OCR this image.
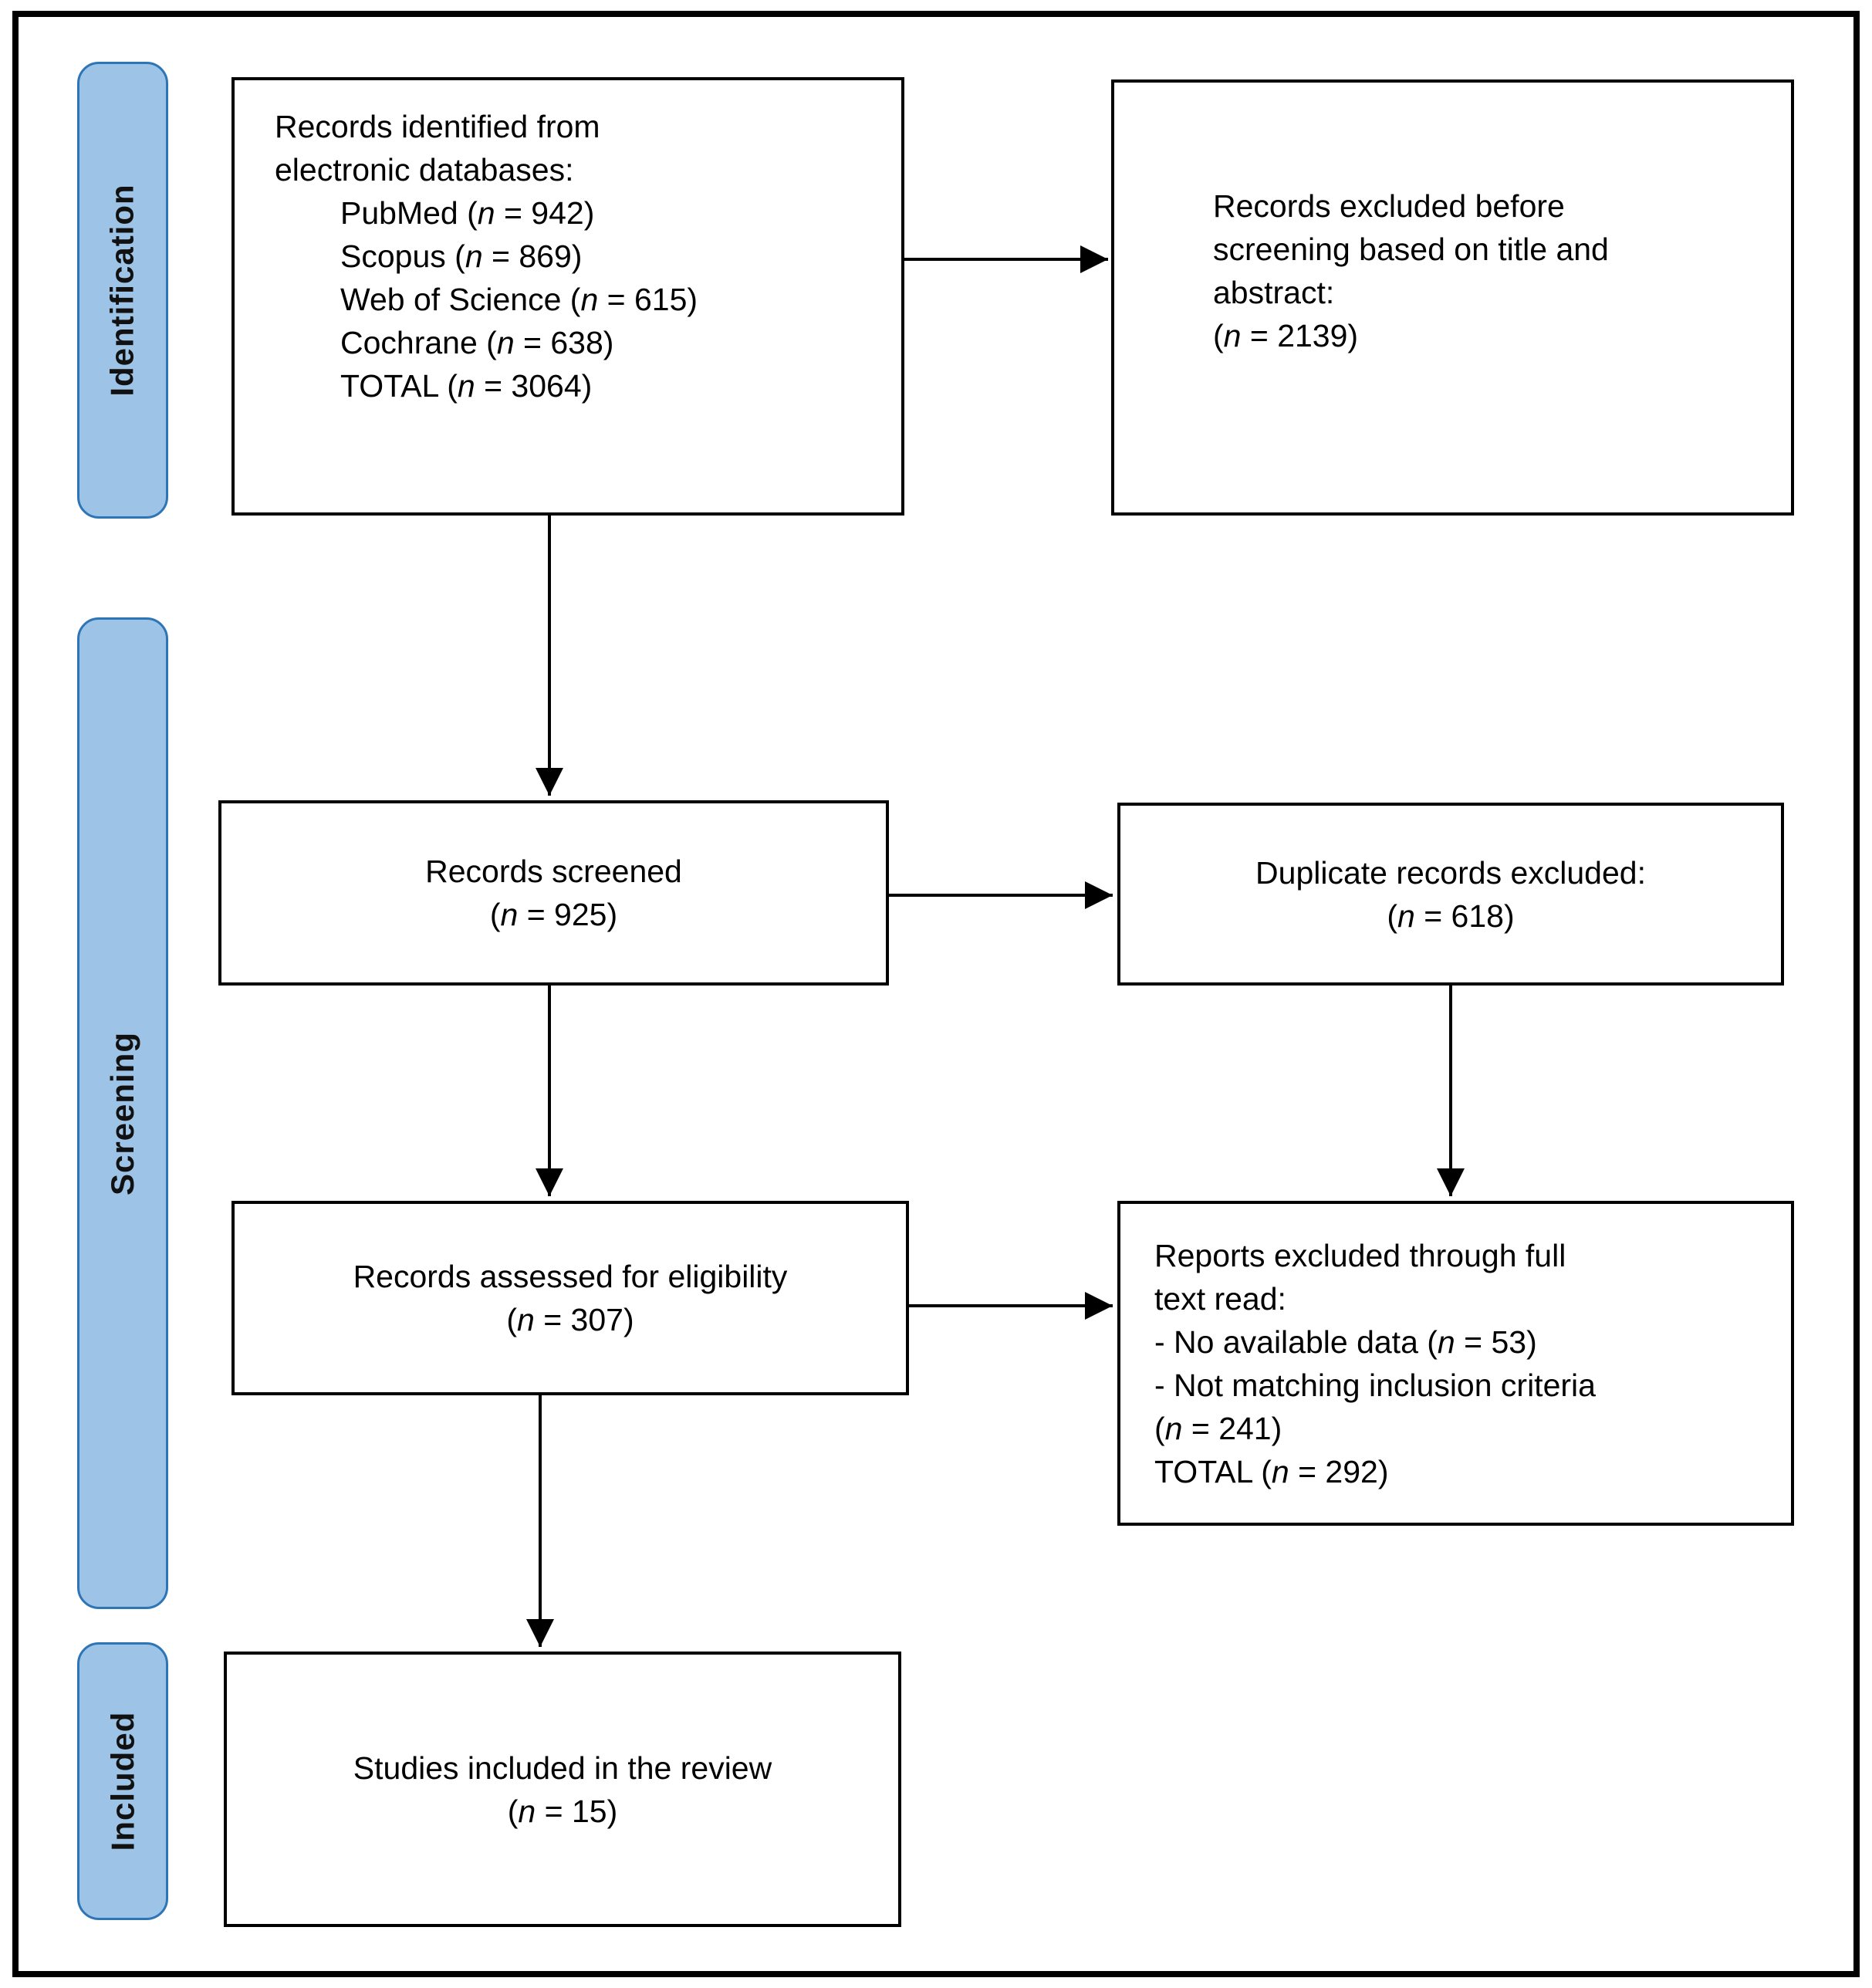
Identification
Screening
Included
Records identified from
electronic databases:
PubMed (n = 942)
Scopus (n = 869)
Web of Science (n = 615)
Cochrane (n = 638)
TOTAL (n = 3064)
Records excluded before
screening based on title and
abstract:
(n = 2139)
Records screened
(n = 925)
Duplicate records excluded:
(n = 618)
Records assessed for eligibility
(n = 307)
Reports excluded through full
text read:
- No available data (n = 53)
- Not matching inclusion criteria
(n = 241)
TOTAL (n = 292)
Studies included in the review
(n = 15)
